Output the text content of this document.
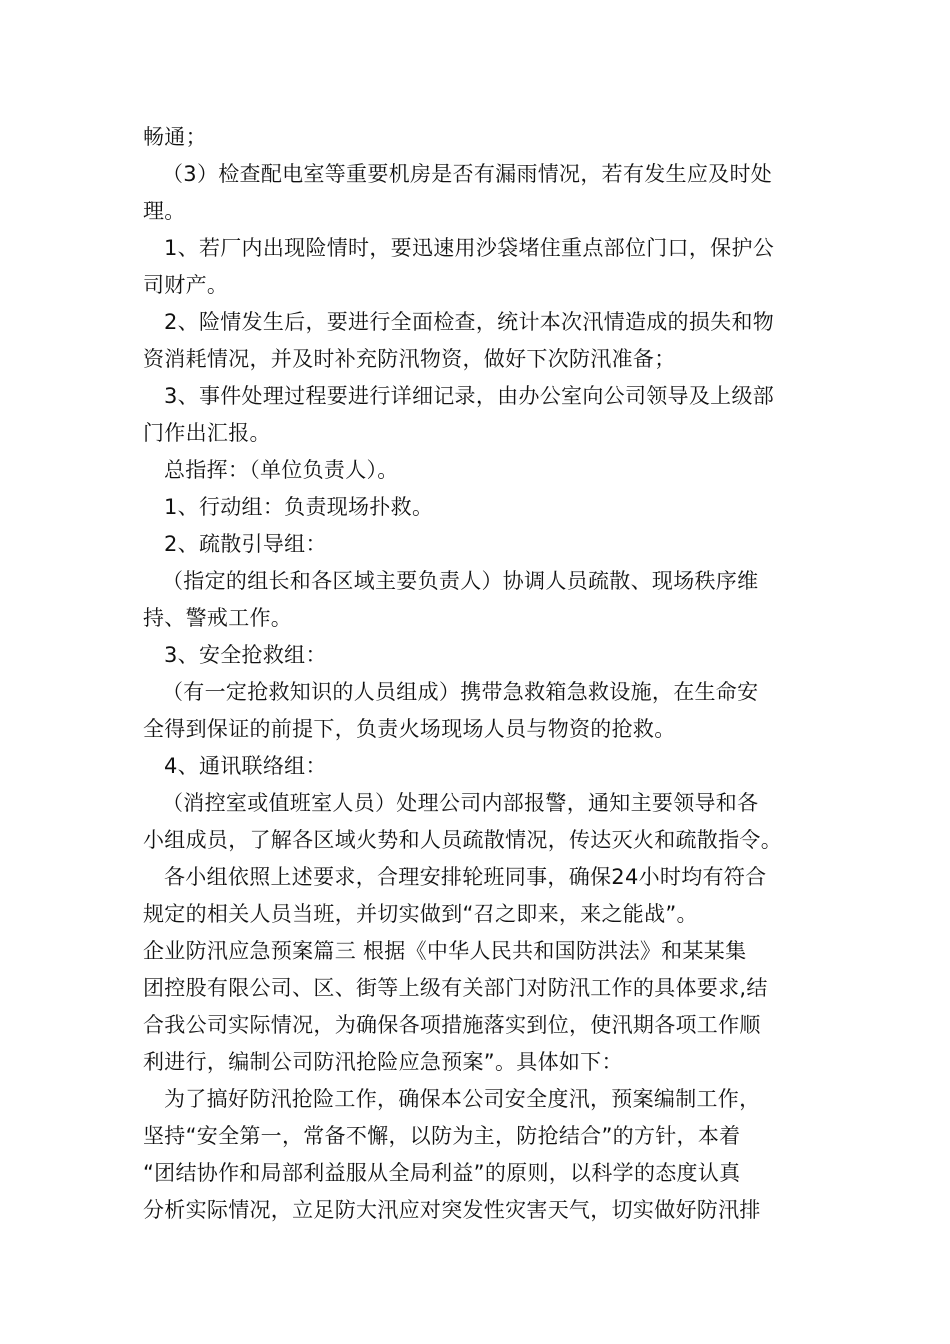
畅通；
（3）检查配电室等重要机房是否有漏雨情况，若有发生应及时处
理。
1、若厂内出现险情时，要迅速用沙袋堵住重点部位门口，保护公
司财产。
2、险情发生后，要进行全面检查，统计本次汛情造成的损失和物
资消耗情况，并及时补充防汛物资，做好下次防汛准备；
3、事件处理过程要进行详细记录，由办公室向公司领导及上级部
门作出汇报。
总指挥：（单位负责人）。
1、行动组：负责现场扑救。
2、疏散引导组：
（指定的组长和各区域主要负责人）协调人员疏散、现场秩序维
持、警戒工作。
3、安全抢救组：
（有一定抢救知识的人员组成）携带急救箱急救设施，在生命安
全得到保证的前提下，负责火场现场人员与物资的抢救。
4、通讯联络组：
（消控室或值班室人员）处理公司内部报警，通知主要领导和各
小组成员，了解各区域火势和人员疏散情况，传达灭火和疏散指令。
各小组依照上述要求，合理安排轮班同事，确保24小时均有符合
规定的相关人员当班，并切实做到“召之即来，来之能战”。
企业防汛应急预案篇三 根据《中华人民共和国防洪法》和某某集
团控股有限公司、区、街等上级有关部门对防汛工作的具体要求,结
合我公司实际情况，为确保各项措施落实到位，使汛期各项工作顺
利进行，编制公司防汛抢险应急预案”。具体如下：
为了搞好防汛抢险工作，确保本公司安全度汛，预案编制工作，
坚持“安全第一，常备不懈，以防为主，防抢结合”的方针，本着
“团结协作和局部利益服从全局利益”的原则，以科学的态度认真
分析实际情况，立足防大汛应对突发性灾害天气，切实做好防汛排
